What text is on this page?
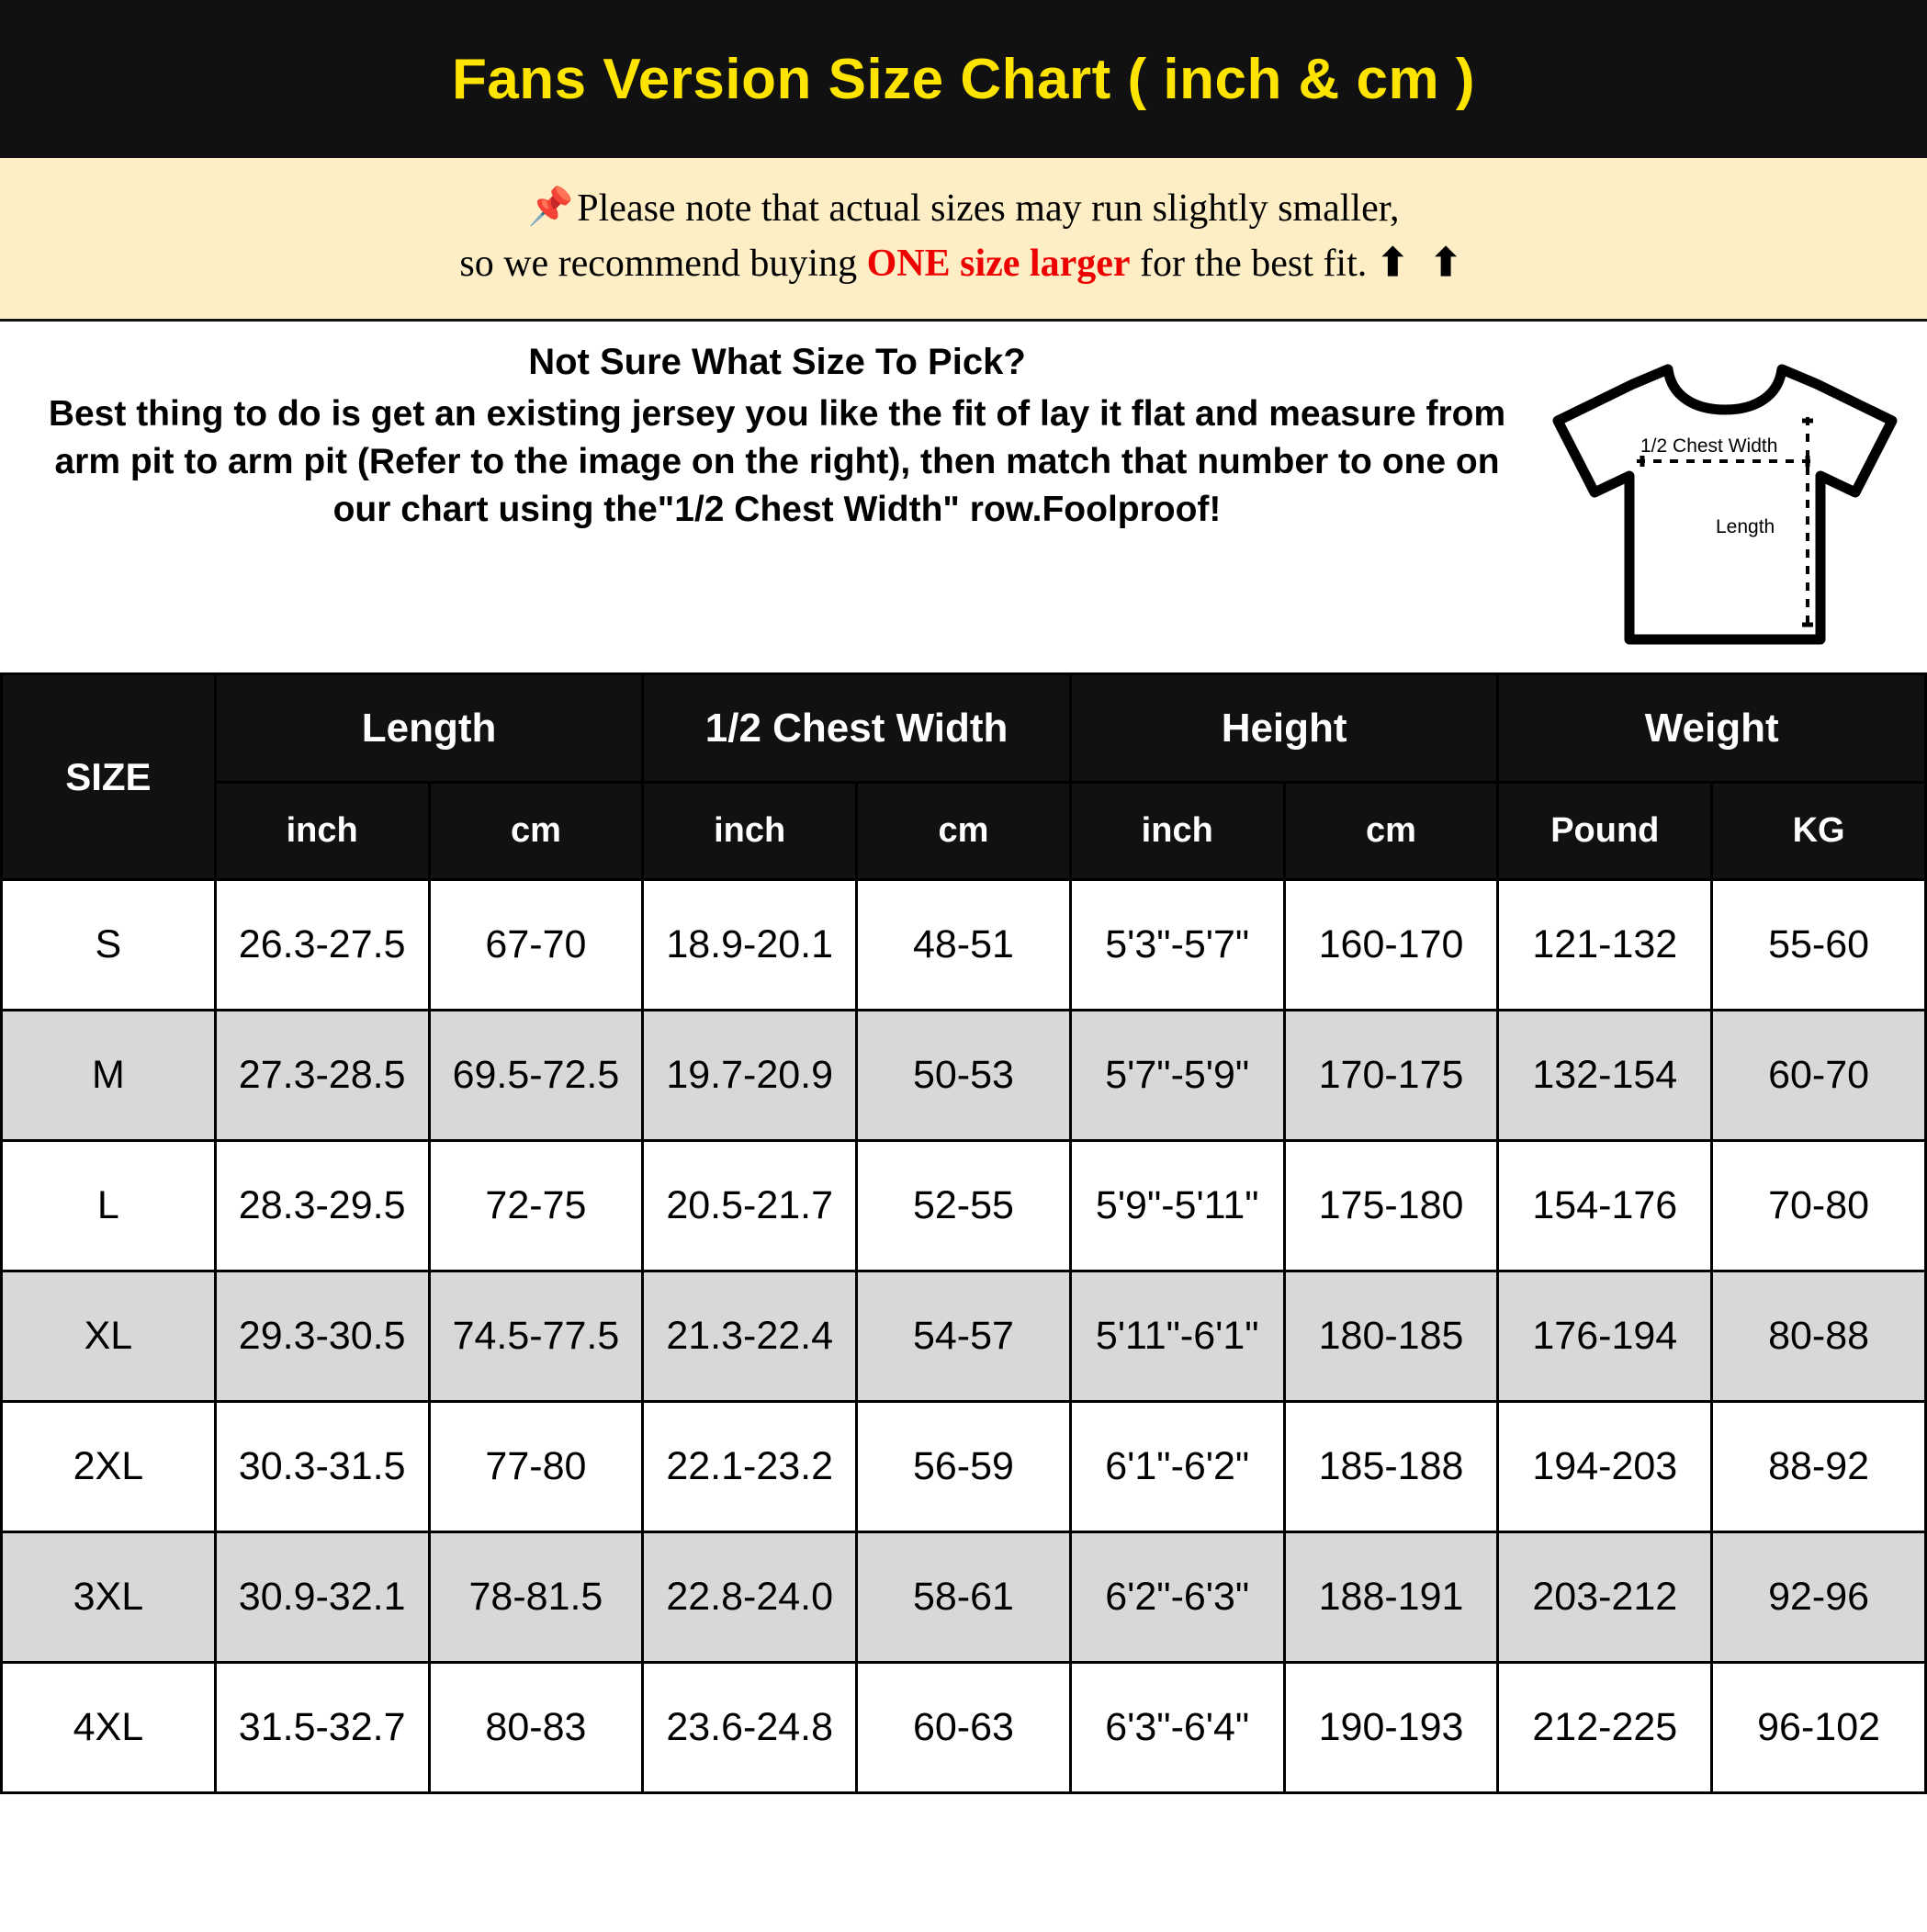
Fans Version Size Chart ( inch & cm )
📌Please note that actual sizes may run slightly smaller,
so we recommend buying ONE size larger for the best fit. ⬆ ⬆
Not Sure What Size To Pick?
Best thing to do is get an existing jersey you like the fit of lay it flat and measure from arm pit to arm pit (Refer to the image on the right), then match that number to one on our chart using the"1/2 Chest Width" row.Foolproof!
1/2 Chest Width
Length
SIZE	Length		1/2 Chest Width		Height		Weight	
	inch	cm	inch	cm	inch	cm	Pound	KG
S	26.3-27.5	67-70	18.9-20.1	48-51	5'3"-5'7"	160-170	121-132	55-60
M	27.3-28.5	69.5-72.5	19.7-20.9	50-53	5'7"-5'9"	170-175	132-154	60-70
L	28.3-29.5	72-75	20.5-21.7	52-55	5'9"-5'11"	175-180	154-176	70-80
XL	29.3-30.5	74.5-77.5	21.3-22.4	54-57	5'11"-6'1"	180-185	176-194	80-88
2XL	30.3-31.5	77-80	22.1-23.2	56-59	6'1"-6'2"	185-188	194-203	88-92
3XL	30.9-32.1	78-81.5	22.8-24.0	58-61	6'2"-6'3"	188-191	203-212	92-96
4XL	31.5-32.7	80-83	23.6-24.8	60-63	6'3"-6'4"	190-193	212-225	96-102
